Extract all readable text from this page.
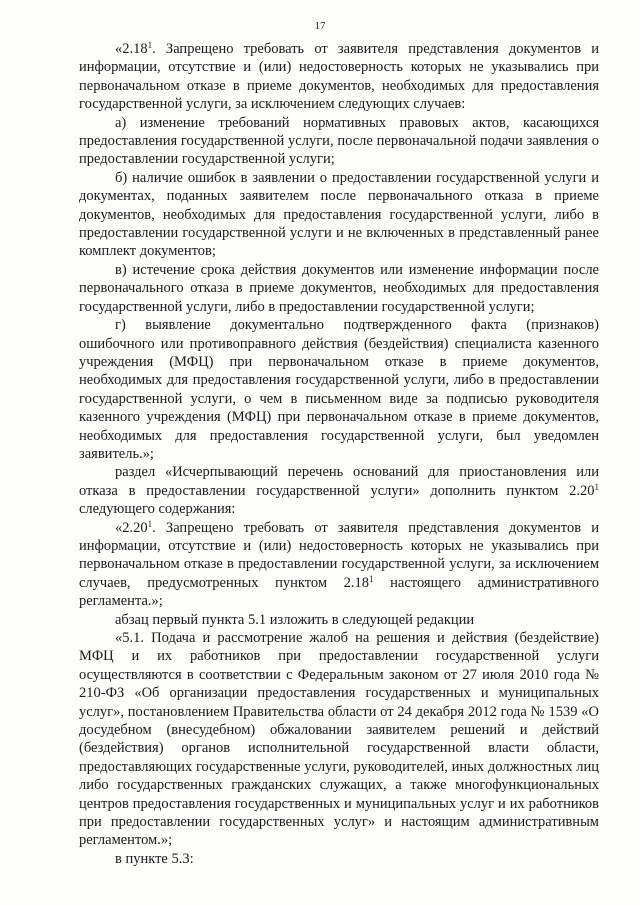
17

«2.18$^1$. Запрещено требовать от заявителя представления документов и информации, отсутствие и (или) недостоверность которых не указывались при первоначальном отказе в приеме документов, необходимых для предоставления государственной услуги, за исключением следующих случаев:

а) изменение требований нормативных правовых актов, касающихся предоставления государственной услуги, после первоначальной подачи заявления о предоставлении государственной услуги;

б) наличие ошибок в заявлении о предоставлении государственной услуги и документах, поданных заявителем после первоначального отказа в приеме документов, необходимых для предоставления государственной услуги, либо в предоставлении государственной услуги и не включенных в представленный ранее комплект документов;

в) истечение срока действия документов или изменение информации после первоначального отказа в приеме документов, необходимых для предоставления государственной услуги, либо в предоставлении государственной услуги;

г) выявление документально подтвержденного факта (признаков) ошибочного или противоправного действия (бездействия) специалиста казенного учреждения (МФЦ) при первоначальном отказе в приеме документов, необходимых для предоставления государственной услуги, либо в предоставлении государственной услуги, о чем в письменном виде за подписью руководителя казенного учреждения (МФЦ) при первоначальном отказе в приеме документов, необходимых для предоставления государственной услуги, был уведомлен заявитель.»;

раздел «Исчерпывающий перечень оснований для приостановления или отказа в предоставлении государственной услуги» дополнить пунктом 2.20$^1$ следующего содержания:

«2.20$^1$. Запрещено требовать от заявителя представления документов и информации, отсутствие и (или) недостоверность которых не указывались при первоначальном отказе в предоставлении государственной услуги, за исключением случаев, предусмотренных пунктом 2.18$^1$ настоящего административного регламента.»;

абзац первый пункта 5.1 изложить в следующей редакции

«5.1. Подача и рассмотрение жалоб на решения и действия (бездействие) МФЦ и их работников при предоставлении государственной услуги осуществляются в соответствии с Федеральным законом от 27 июля 2010 года № 210-ФЗ «Об организации предоставления государственных и муниципальных услуг», постановлением Правительства области от 24 декабря 2012 года № 1539 «О досудебном (внесудебном) обжаловании заявителем решений и действий (бездействия) органов исполнительной государственной власти области, предоставляющих государственные услуги, руководителей, иных должностных лиц либо государственных гражданских служащих, а также многофункциональных центров предоставления государственных и муниципальных услуг и их работников при предоставлении государственных услуг» и настоящим административным регламентом.»;

в пункте 5.3:
